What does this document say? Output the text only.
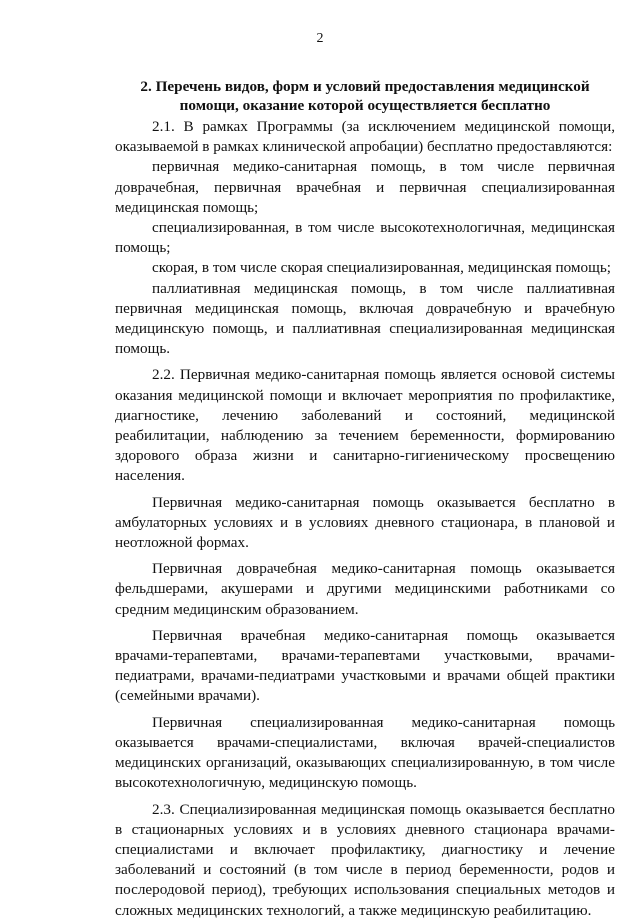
2
2. Перечень видов, форм и условий предоставления медицинской
помощи, оказание которой осуществляется бесплатно

2.1. В рамках Программы (за исключением медицинской помощи, оказываемой в рамках клинической апробации) бесплатно предоставляются:

первичная медико-санитарная помощь, в том числе первичная доврачебная, первичная врачебная и первичная специализированная медицинская помощь;

специализированная, в том числе высокотехнологичная, медицинская помощь;

скорая, в том числе скорая специализированная, медицинская помощь;

паллиативная медицинская помощь, в том числе паллиативная первичная медицинская помощь, включая доврачебную и врачебную медицинскую помощь, и паллиативная специализированная медицинская помощь.

2.2. Первичная медико-санитарная помощь является основой системы оказания медицинской помощи и включает мероприятия по профилактике, диагностике, лечению заболеваний и состояний, медицинской реабилитации, наблюдению за течением беременности, формированию здорового образа жизни и санитарно-гигиеническому просвещению населения.

Первичная медико-санитарная помощь оказывается бесплатно в амбулаторных условиях и в условиях дневного стационара, в плановой и неотложной формах.

Первичная доврачебная медико-санитарная помощь оказывается фельдшерами, акушерами и другими медицинскими работниками со средним медицинским образованием.

Первичная врачебная медико-санитарная помощь оказывается врачами-терапевтами, врачами-терапевтами участковыми, врачами-педиатрами, врачами-педиатрами участковыми и врачами общей практики (семейными врачами).

Первичная специализированная медико-санитарная помощь оказывается врачами-специалистами, включая врачей-специалистов медицинских организаций, оказывающих специализированную, в том числе высокотехнологичную, медицинскую помощь.

2.3. Специализированная медицинская помощь оказывается бесплатно в стационарных условиях и в условиях дневного стационара врачами-специалистами и включает профилактику, диагностику и лечение заболеваний и состояний (в том числе в период беременности, родов и послеродовой период), требующих использования специальных методов и сложных медицинских технологий, а также медицинскую реабилитацию.
